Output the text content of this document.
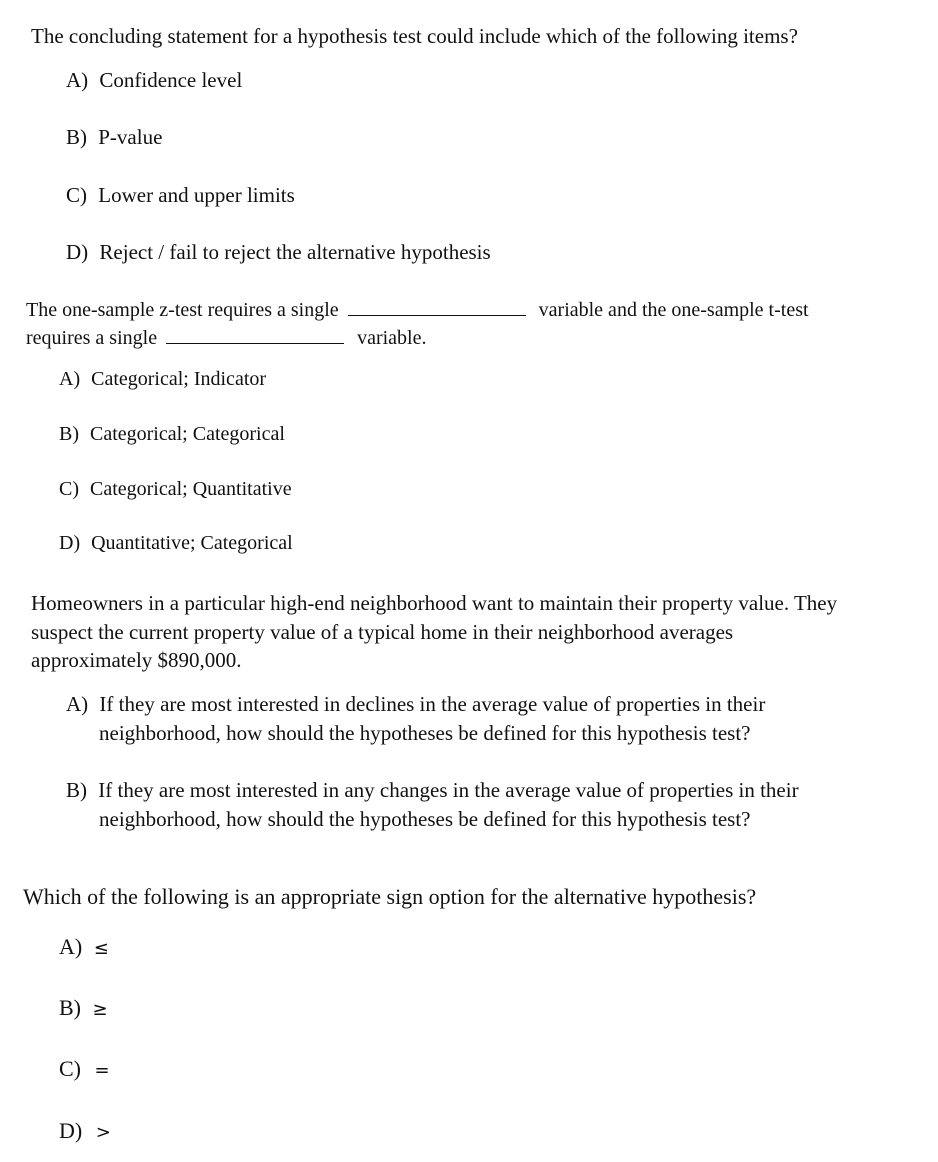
The concluding statement for a hypothesis test could include which of the following items?
A) Confidence level
B) P-value
C) Lower and upper limits
D) Reject / fail to reject the alternative hypothesis
The one-sample z-test requires a single	variable and the one-sample t-test
requires a single	variable.
A) Categorical; Indicator
B) Categorical; Categorical
C) Categorical; Quantitative
D) Quantitative; Categorical
Homeowners in a particular high-end neighborhood want to maintain their property value. They
suspect the current property value of a typical home in their neighborhood averages
approximately $890,000.
A) If they are most interested in declines in the average value of properties in their
neighborhood, how should the hypotheses be defined for this hypothesis test?
B) If they are most interested in any changes in the average value of properties in their
neighborhood, how should the hypotheses be defined for this hypothesis test?
Which of the following is an appropriate sign option for the alternative hypothesis?
A) ≤
B) ≥
C) =
D) >
